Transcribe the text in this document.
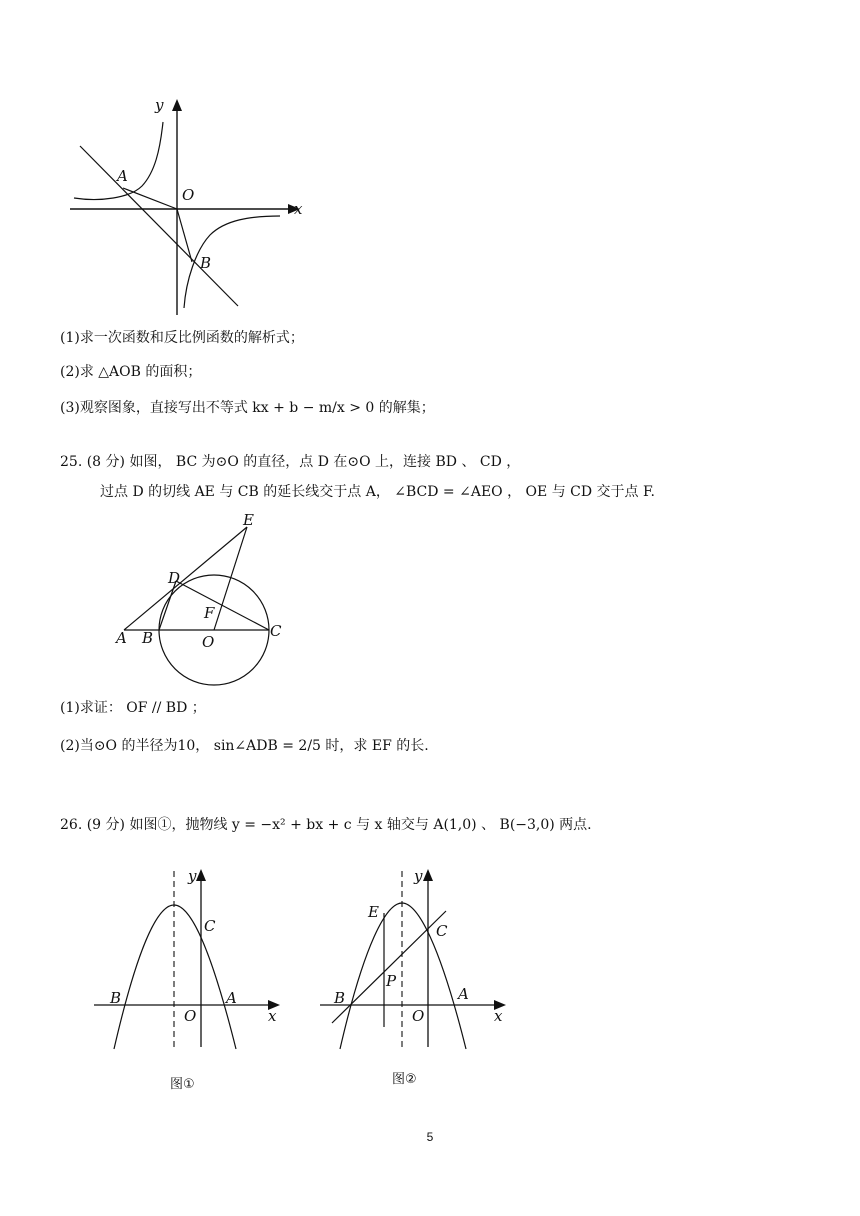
y
x
A
O
B
(1)求一次函数和反比例函数的解析式；
(2)求 △AOB 的面积；
(3)观察图象，直接写出不等式 kx + b − m/x > 0 的解集；
25. (8 分) 如图， BC 为⊙O 的直径，点 D 在⊙O 上，连接 BD 、 CD ，
过点 D 的切线 AE 与 CB 的延长线交于点 A， ∠BCD = ∠AEO ， OE 与 CD 交于点 F.
E
D
F
A B	O
C
(1)求证： OF // BD ；
(2)当⊙O 的半径为10， sin∠ADB = 2/5 时，求 EF 的长.
26. (9 分) 如图①，抛物线 y = −x² + bx + c 与 x 轴交与 A(1,0) 、 B(−3,0) 两点.
y
x
C
B
O
A
图①
y
x
E
C
P
B
O
A
图②
5
